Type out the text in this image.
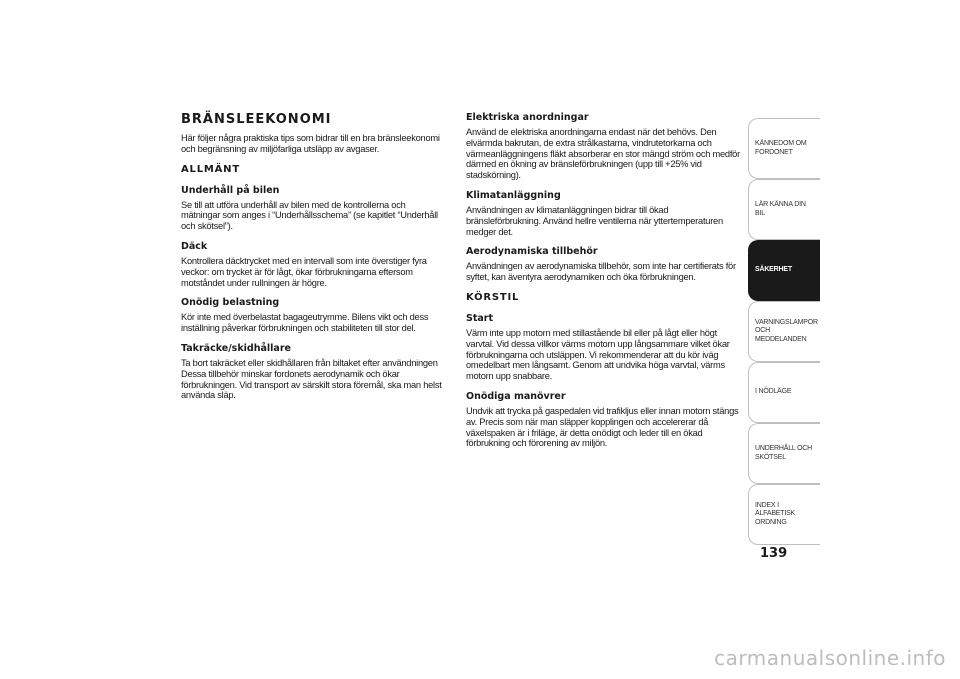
BRÄNSLEEKONOMI
Här följer några praktiska tips som bidrar till en bra bränsleekonomi och begränsning av miljöfarliga utsläpp av avgaser.
ALLMÄNT
Underhåll på bilen
Se till att utföra underhåll av bilen med de kontrollerna och mätningar som anges i “Underhållsschema” (se kapitlet “Underhåll och skötsel”).
Däck
Kontrollera däcktrycket med en intervall som inte överstiger fyra veckor: om trycket är för lågt, ökar förbrukningarna eftersom motståndet under rullningen är högre.
Onödig belastning
Kör inte med överbelastat bagageutrymme. Bilens vikt och dess inställning påverkar förbrukningen och stabiliteten till stor del.
Takräcke/skidhållare
Ta bort takräcket eller skidhållaren från biltaket efter användningen Dessa tillbehör minskar fordonets aerodynamik och ökar förbrukningen. Vid transport av särskilt stora föremål, ska man helst använda släp.
Elektriska anordningar
Använd de elektriska anordningarna endast när det behövs. Den elvärmda bakrutan, de extra strålkastarna, vindrutetorkarna och värmeanläggningens fläkt absorberar en stor mängd ström och medför därmed en ökning av bränsleförbrukningen (upp till +25% vid stadskörning).
Klimatanläggning
Användningen av klimatanläggningen bidrar till ökad bränsleförbrukning. Använd hellre ventilerna när yttertemperaturen medger det.
Aerodynamiska tillbehör
Användningen av aerodynamiska tillbehör, som inte har certifierats för syftet, kan äventyra aerodynamiken och öka förbrukningen.
KÖRSTIL
Start
Värm inte upp motorn med stillastående bil eller på lågt eller högt varvtal. Vid dessa villkor värms motorn upp långsammare vilket ökar förbrukningarna och utsläppen. Vi rekommenderar att du kör iväg omedelbart men långsamt. Genom att undvika höga varvtal, värms motorn upp snabbare.
Onödiga manövrer
Undvik att trycka på gaspedalen vid trafikljus eller innan motorn stängs av. Precis som när man släpper kopplingen och accelererar då växelspaken är i friläge, är detta onödigt och leder till en ökad förbrukning och förorening av miljön.
KÄNNEDOM OM FORDONET
LÄR KÄNNA DIN BIL
SÄKERHET
VARNINGSLAMPOR OCH MEDDELANDEN
I NÖDLÄGE
UNDERHÅLL OCH SKÖTSEL
INDEX I ALFABETISK ORDNING
139
carmanualsonline.info
